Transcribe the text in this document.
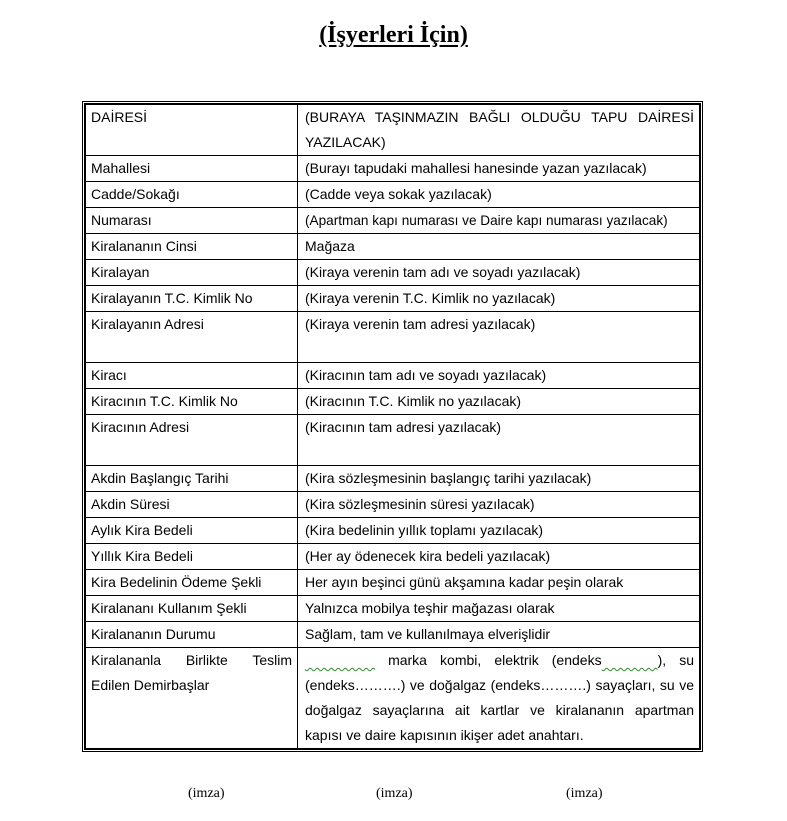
(İşyerleri İçin)
DAİRESİ	(BURAYA TAŞINMAZIN BAĞLI OLDUĞU TAPU DAİRESİ YAZILACAK)
Mahallesi	(Burayı tapudaki mahallesi hanesinde yazan yazılacak)
Cadde/Sokağı	(Cadde veya sokak yazılacak)
Numarası	(Apartman kapı numarası ve Daire kapı numarası yazılacak)
Kiralananın Cinsi	Mağaza
Kiralayan	(Kiraya verenin tam adı ve soyadı yazılacak)
Kiralayanın T.C. Kimlik No	(Kiraya verenin T.C. Kimlik no yazılacak)
Kiralayanın Adresi	(Kiraya verenin tam adresi yazılacak)
Kiracı	(Kiracının tam adı ve soyadı yazılacak)
Kiracının T.C. Kimlik No	(Kiracının T.C. Kimlik no yazılacak)
Kiracının Adresi	(Kiracının tam adresi yazılacak)
Akdin Başlangıç Tarihi	(Kira sözleşmesinin başlangıç tarihi yazılacak)
Akdin Süresi	(Kira sözleşmesinin süresi yazılacak)
Aylık Kira Bedeli	(Kira bedelinin yıllık toplamı yazılacak)
Yıllık Kira Bedeli	(Her ay ödenecek kira bedeli yazılacak)
Kira Bedelinin Ödeme Şekli	Her ayın beşinci günü akşamına kadar peşin olarak
Kiralananı Kullanım Şekli	Yalnızca mobilya teşhir mağazası olarak
Kiralananın Durumu	Sağlam, tam ve kullanılmaya elverişlidir

Kiralananla Birlikte Teslim
Edilen Demirbaşlar	marka kombi, elektrik (endeks ), su (endeks……….) ve doğalgaz (endeks……….) sayaçları, su ve doğalgaz sayaçlarına ait kartlar ve kiralananın apartman kapısı ve daire kapısının ikişer adet anahtarı.
(imza)	(imza)	(imza)
